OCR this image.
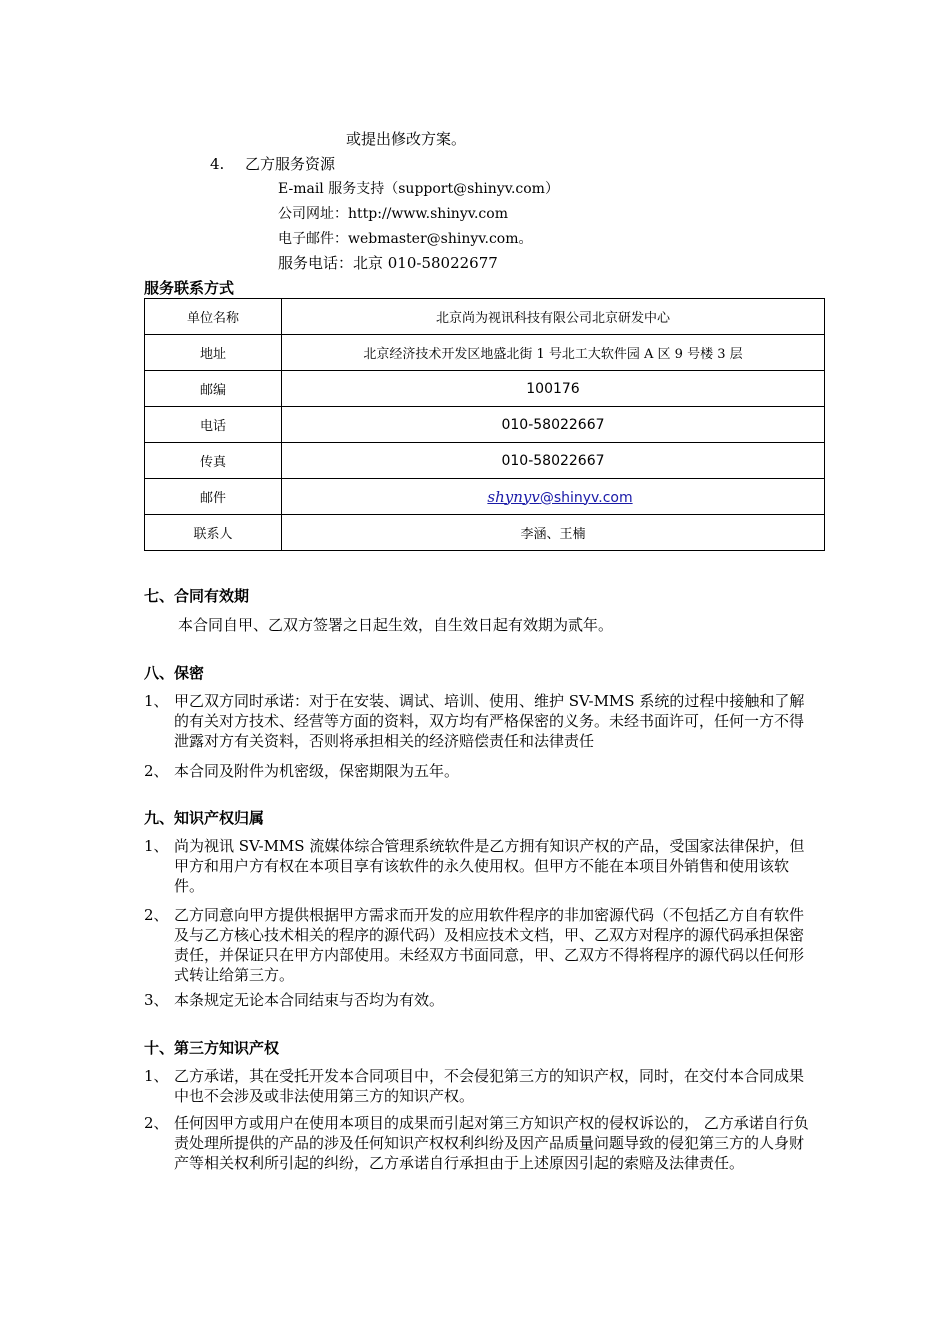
或提出修改方案。
4. 乙方服务资源
E-mail 服务支持（support@shinyv.com）
公司网址：http://www.shinyv.com
电子邮件：webmaster@shinyv.com。
服务电话：北京 010-58022677
服务联系方式
单位名称	北京尚为视讯科技有限公司北京研发中心
地址	北京经济技术开发区地盛北街 1 号北工大软件园 A 区 9 号楼 3 层
邮编	100176
电话	010-58022667
传真	010-58022667
邮件	shynyv@shinyv.com
联系人	李涵、王楠
七、合同有效期
本合同自甲、乙双方签署之日起生效，自生效日起有效期为贰年。
八、保密
1、 甲乙双方同时承诺：对于在安装、调试、培训、使用、维护 SV-MMS 系统的过程中接触和了解的有关对方技术、经营等方面的资料，双方均有严格保密的义务。未经书面许可，任何一方不得泄露对方有关资料，否则将承担相关的经济赔偿责任和法律责任
2、 本合同及附件为机密级，保密期限为五年。
九、知识产权归属
1、 尚为视讯 SV-MMS 流媒体综合管理系统软件是乙方拥有知识产权的产品，受国家法律保护，但甲方和用户方有权在本项目享有该软件的永久使用权。但甲方不能在本项目外销售和使用该软件。
2、 乙方同意向甲方提供根据甲方需求而开发的应用软件程序的非加密源代码（不包括乙方自有软件及与乙方核心技术相关的程序的源代码）及相应技术文档，甲、乙双方对程序的源代码承担保密责任，并保证只在甲方内部使用。未经双方书面同意，甲、乙双方不得将程序的源代码以任何形式转让给第三方。
3、 本条规定无论本合同结束与否均为有效。
十、第三方知识产权
1、 乙方承诺，其在受托开发本合同项目中，不会侵犯第三方的知识产权，同时，在交付本合同成果中也不会涉及或非法使用第三方的知识产权。
2、 任何因甲方或用户在使用本项目的成果而引起对第三方知识产权的侵权诉讼的， 乙方承诺自行负责处理所提供的产品的涉及任何知识产权权利纠纷及因产品质量问题导致的侵犯第三方的人身财产等相关权利所引起的纠纷，乙方承诺自行承担由于上述原因引起的索赔及法律责任。
